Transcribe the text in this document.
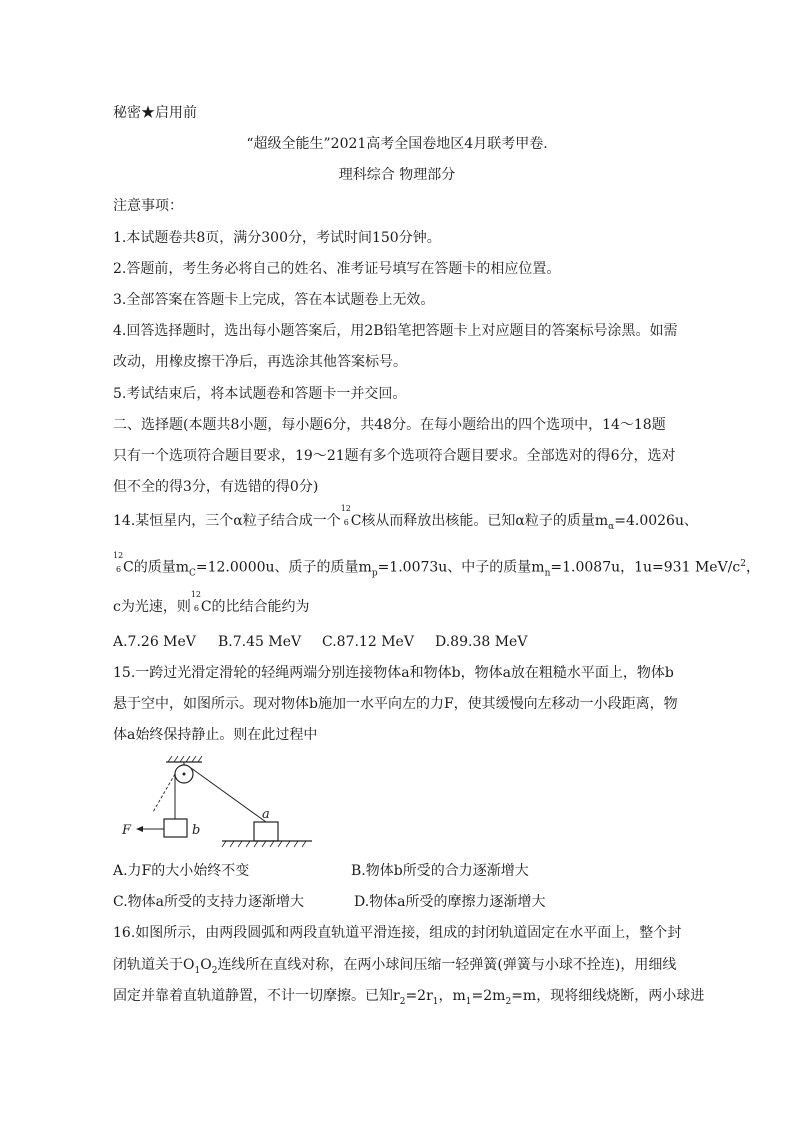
秘密★启用前
“超级全能生”2021高考全国卷地区4月联考甲卷.
理科综合 物理部分
注意事项：
1.本试题卷共8页，满分300分，考试时间150分钟。
2.答题前，考生务必将自己的姓名、准考证号填写在答题卡的相应位置。
3.全部答案在答题卡上完成，答在本试题卷上无效。
4.回答选择题时，选出每小题答案后，用2B铅笔把答题卡上对应题目的答案标号涂黑。如需
改动，用橡皮擦干净后，再选涂其他答案标号。
5.考试结束后，将本试题卷和答题卡一并交回。
二、选择题(本题共8小题，每小题6分，共48分。在每小题给出的四个选项中，14～18题
只有一个选项符合题目要求，19～21题有多个选项符合题目要求。全部选对的得6分，选对
但不全的得3分，有选错的得0分)
14.某恒星内，三个α粒子结合成一个
12
6 C核从而释放出核能。已知α粒子的质量$m_\alpha=4.0026u$、
12
6 C的质量$m_C=12.0000u$、质子的质量$m_p=1.0073u$、中子的质量$m_n=1.0087u$，1u=931 MeV/$c^2$，
c为光速，则
12
6 C的比结合能约为
A.7.26 MeV B.7.45 MeV C.87.12 MeV D.89.38 MeV
15.一跨过光滑定滑轮的轻绳两端分别连接物体a和物体b，物体a放在粗糙水平面上，物体b
悬于空中，如图所示。现对物体b施加一水平向左的力F，使其缓慢向左移动一小段距离，物
体a始终保持静止。则在此过程中
F	b
a
A.力F的大小始终不变	B.物体b所受的合力逐渐增大
C.物体a所受的支持力逐渐增大	D.物体a所受的摩擦力逐渐增大
16.如图所示，由两段圆弧和两段直轨道平滑连接，组成的封闭轨道固定在水平面上，整个封
闭轨道关于$O_1O_2$连线所在直线对称，在两小球间压缩一轻弹簧(弹簧与小球不拴连)，用细线
固定并靠着直轨道静置，不计一切摩擦。已知$r_2=2r_1$，$m_1=2m_2=m$，现将细线烧断，两小球进
